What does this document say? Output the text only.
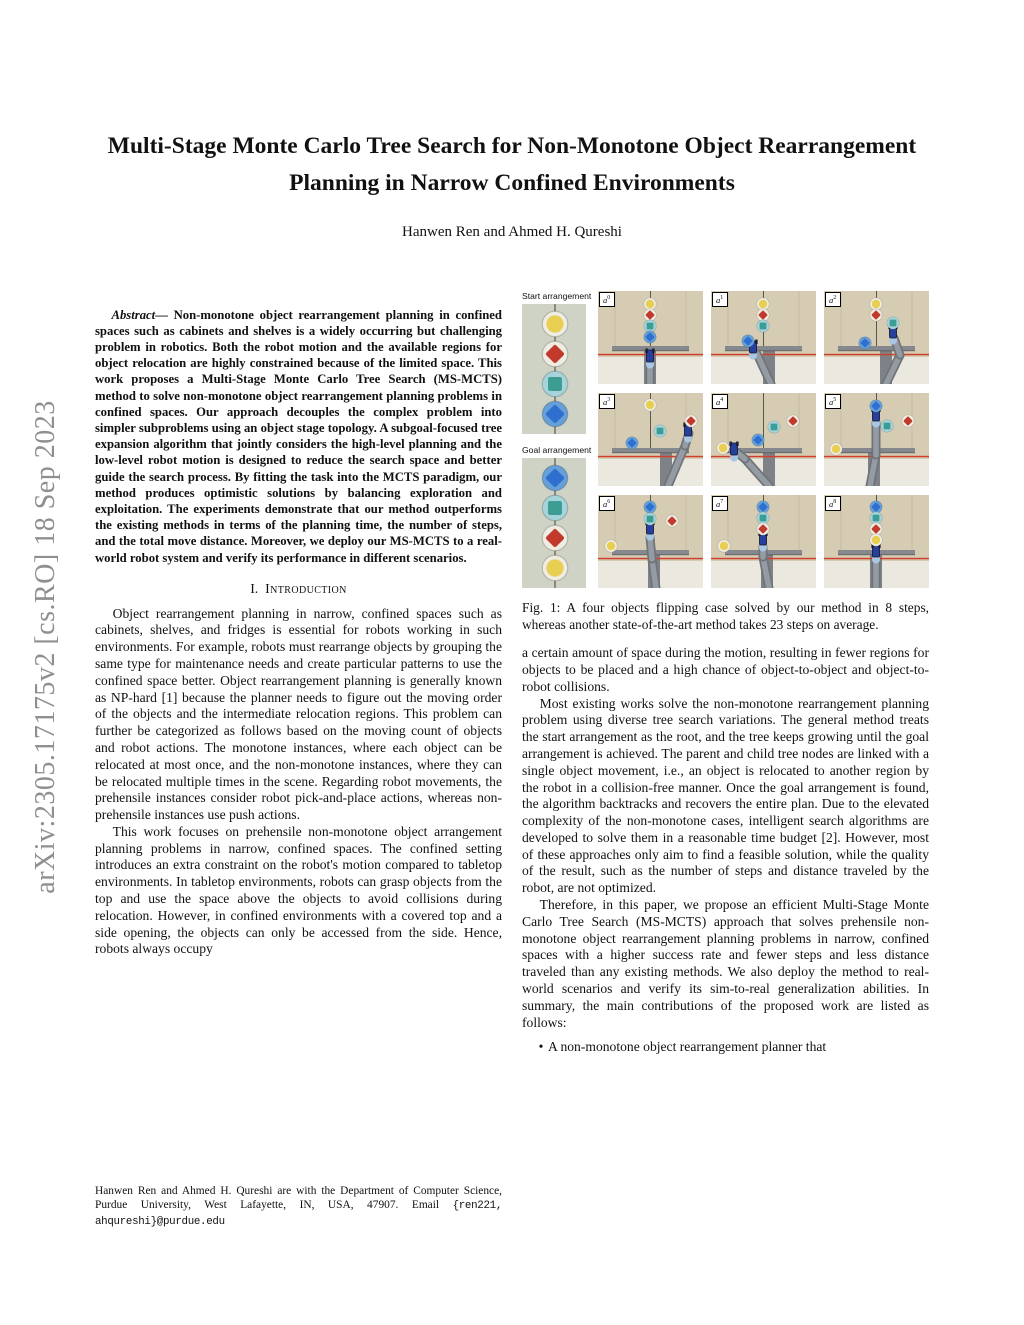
arXiv:2305.17175v2 [cs.RO] 18 Sep 2023
Multi-Stage Monte Carlo Tree Search for Non-Monotone Object Rearrangement Planning in Narrow Confined Environments
Hanwen Ren and Ahmed H. Qureshi

Abstract— Non-monotone object rearrangement planning in confined spaces such as cabinets and shelves is a widely occurring but challenging problem in robotics. Both the robot motion and the available regions for object relocation are highly constrained because of the limited space. This work proposes a Multi-Stage Monte Carlo Tree Search (MS-MCTS) method to solve non-monotone object rearrangement planning problems in confined spaces. Our approach decouples the complex problem into simpler subproblems using an object stage topology. A subgoal-focused tree expansion algorithm that jointly considers the high-level planning and the low-level robot motion is designed to reduce the search space and better guide the search process. By fitting the task into the MCTS paradigm, our method produces optimistic solutions by balancing exploration and exploitation. The experiments demonstrate that our method outperforms the existing methods in terms of the planning time, the number of steps, and the total move distance. Moreover, we deploy our MS-MCTS to a real-world robot system and verify its performance in different scenarios.

I. Introduction

Object rearrangement planning in narrow, confined spaces such as cabinets, shelves, and fridges is essential for robots working in such environments. For example, robots must rearrange objects by grouping the same type for maintenance needs and create particular patterns to use the confined space better. Object rearrangement planning is generally known as NP-hard [1] because the planner needs to figure out the moving order of the objects and the intermediate relocation regions. This problem can further be categorized as follows based on the moving count of objects and robot actions. The monotone instances, where each object can be relocated at most once, and the non-monotone instances, where they can be relocated multiple times in the scene. Regarding robot movements, the prehensile instances consider robot pick-and-place actions, whereas non-prehensile instances use push actions.

This work focuses on prehensile non-monotone object arrangement planning problems in narrow, confined spaces. The confined setting introduces an extra constraint on the robot's motion compared to tabletop environments. In tabletop environments, robots can grasp objects from the top and use the space above the objects to avoid collisions during relocation. However, in confined environments with a covered top and a side opening, the objects can only be accessed from the side. Hence, robots always occupy

Hanwen Ren and Ahmed H. Qureshi are with the Department of Computer Science, Purdue University, West Lafayette, IN, USA, 47907. Email {ren221, ahqureshi}@purdue.edu
Start arrangement
Goal arrangement
$a^0$	$a^1$	$a^2$
$a^3$	$a^4$	$a^5$
$a^6$	$a^7$	$a^8$
Fig. 1: A four objects flipping case solved by our method in 8 steps, whereas another state-of-the-art method takes 23 steps on average.

a certain amount of space during the motion, resulting in fewer regions for objects to be placed and a high chance of object-to-object and object-to-robot collisions.

Most existing works solve the non-monotone rearrangement planning problem using diverse tree search variations. The general method treats the start arrangement as the root, and the tree keeps growing until the goal arrangement is achieved. The parent and child tree nodes are linked with a single object movement, i.e., an object is relocated to another region by the robot in a collision-free manner. Once the goal arrangement is found, the algorithm backtracks and recovers the entire plan. Due to the elevated complexity of the non-monotone cases, intelligent search algorithms are developed to solve them in a reasonable time budget [2]. However, most of these approaches only aim to find a feasible solution, while the quality of the result, such as the number of steps and distance traveled by the robot, are not optimized.

Therefore, in this paper, we propose an efficient Multi-Stage Monte Carlo Tree Search (MS-MCTS) approach that solves prehensile non-monotone object rearrangement planning problems in narrow, confined spaces with a higher success rate and fewer steps and less distance traveled than any existing methods. We also deploy the method to real-world scenarios and verify its sim-to-real generalization abilities. In summary, the main contributions of the proposed work are listed as follows:

• A non-monotone object rearrangement planner that
